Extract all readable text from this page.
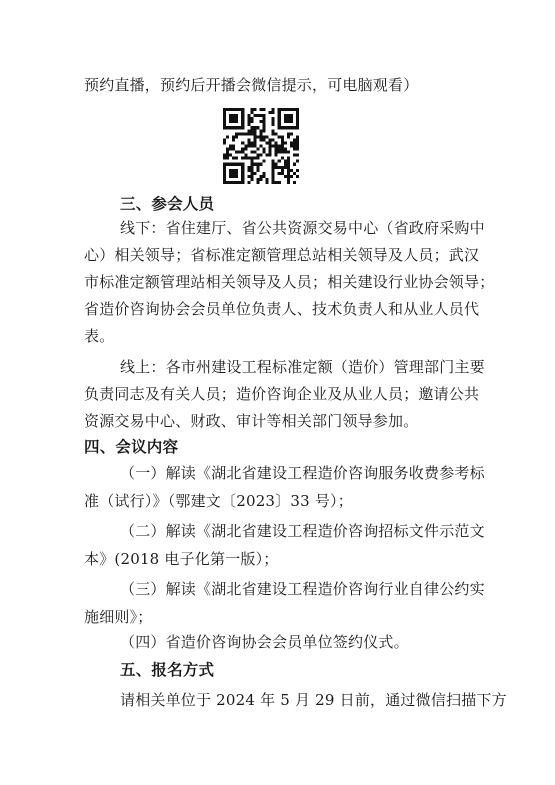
预约直播，预约后开播会微信提示，可电脑观看）
三、参会人员
线下：省住建厅、省公共资源交易中心（省政府采购中
心）相关领导；省标准定额管理总站相关领导及人员；武汉
市标准定额管理站相关领导及人员；相关建设行业协会领导；
省造价咨询协会会员单位负责人、技术负责人和从业人员代
表。
线上：各市州建设工程标准定额（造价）管理部门主要
负责同志及有关人员；造价咨询企业及从业人员；邀请公共
资源交易中心、财政、审计等相关部门领导参加。
四、会议内容
（一）解读《湖北省建设工程造价咨询服务收费参考标
准（试行）》（鄂建文〔2023〕33 号）；
（二）解读《湖北省建设工程造价咨询招标文件示范文
本》(2018 电子化第一版）；
（三）解读《湖北省建设工程造价咨询行业自律公约实
施细则》；
（四）省造价咨询协会会员单位签约仪式。
五、报名方式
请相关单位于 2024 年 5 月 29 日前，通过微信扫描下方
